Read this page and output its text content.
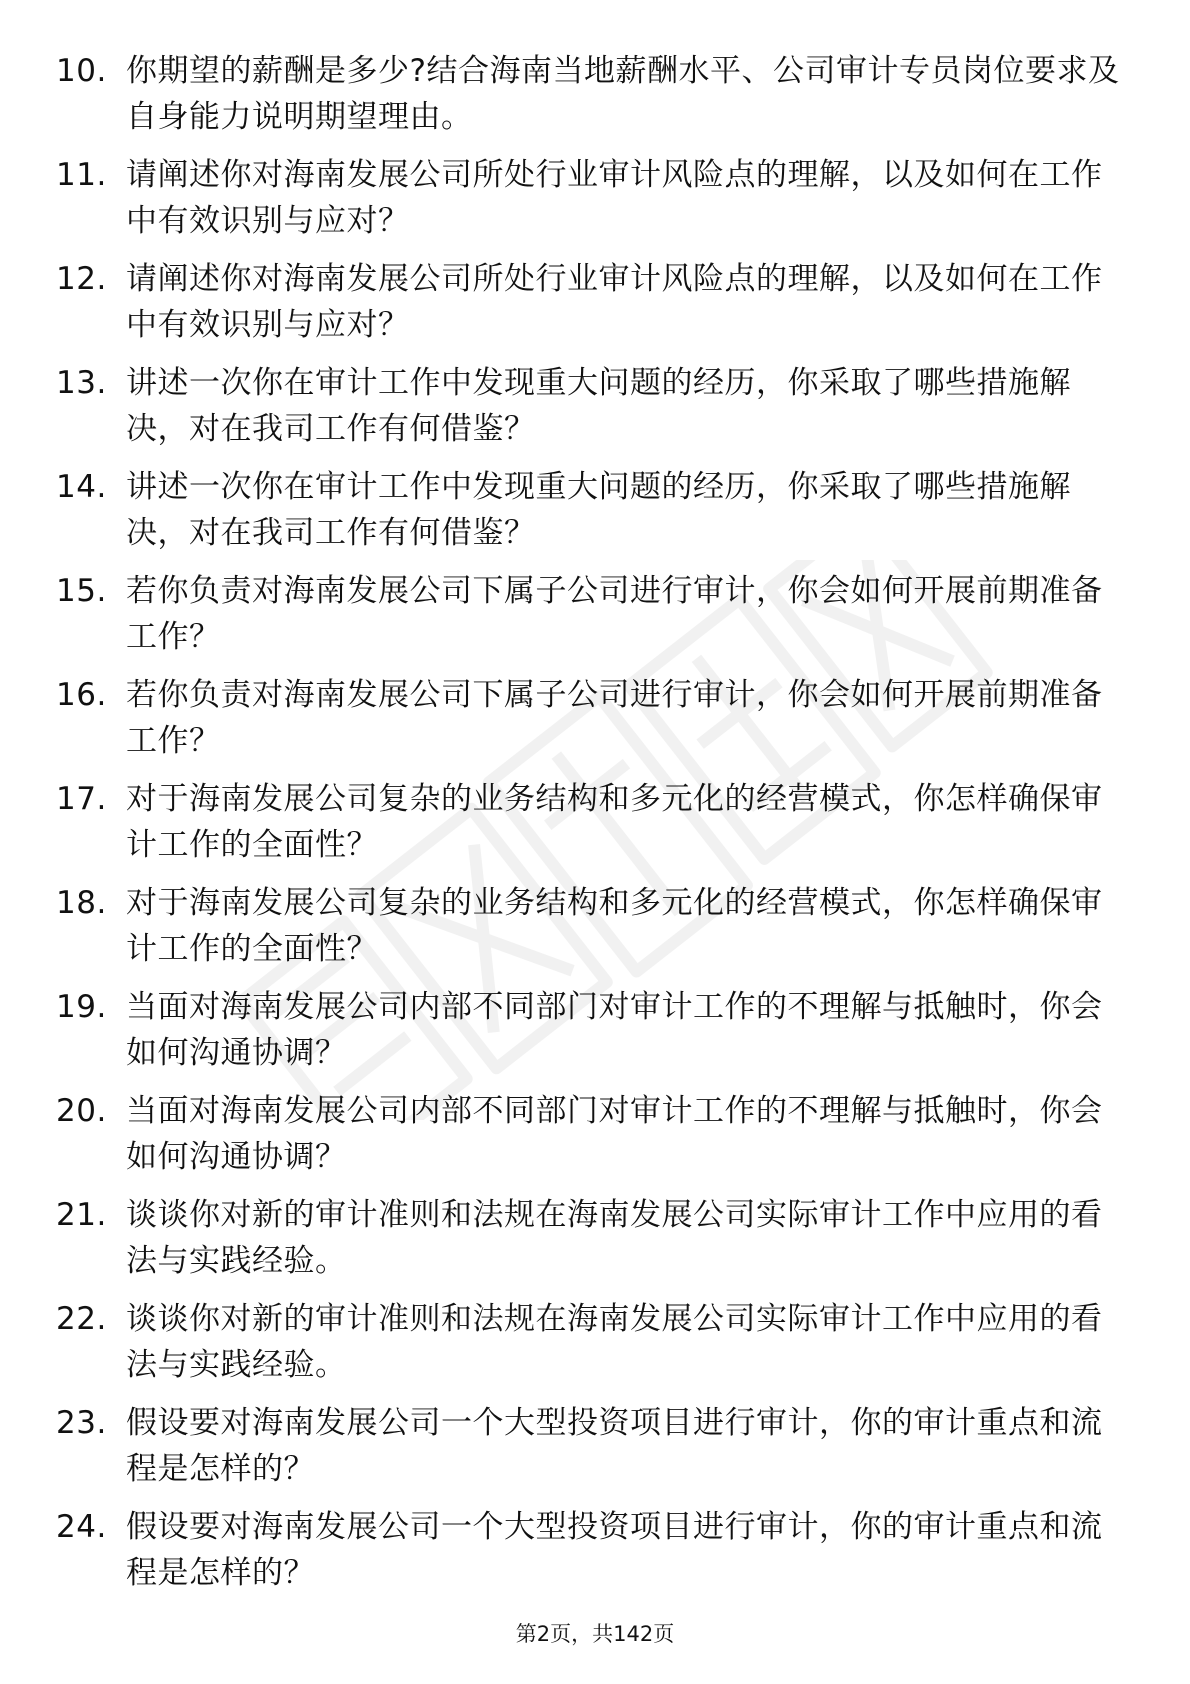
10. 你期望的薪酬是多少?结合海南当地薪酬水平、公司审计专员岗位要求及自身能力说明期望理由。
11. 请阐述你对海南发展公司所处行业审计风险点的理解，以及如何在工作中有效识别与应对？
12. 请阐述你对海南发展公司所处行业审计风险点的理解，以及如何在工作中有效识别与应对？
13. 讲述一次你在审计工作中发现重大问题的经历，你采取了哪些措施解决，对在我司工作有何借鉴？
14. 讲述一次你在审计工作中发现重大问题的经历，你采取了哪些措施解决，对在我司工作有何借鉴？
15. 若你负责对海南发展公司下属子公司进行审计，你会如何开展前期准备工作？
16. 若你负责对海南发展公司下属子公司进行审计，你会如何开展前期准备工作？
17. 对于海南发展公司复杂的业务结构和多元化的经营模式，你怎样确保审计工作的全面性？
18. 对于海南发展公司复杂的业务结构和多元化的经营模式，你怎样确保审计工作的全面性？
19. 当面对海南发展公司内部不同部门对审计工作的不理解与抵触时，你会如何沟通协调？
20. 当面对海南发展公司内部不同部门对审计工作的不理解与抵触时，你会如何沟通协调？
21. 谈谈你对新的审计准则和法规在海南发展公司实际审计工作中应用的看法与实践经验。
22. 谈谈你对新的审计准则和法规在海南发展公司实际审计工作中应用的看法与实践经验。
23. 假设要对海南发展公司一个大型投资项目进行审计，你的审计重点和流程是怎样的？
24. 假设要对海南发展公司一个大型投资项目进行审计，你的审计重点和流程是怎样的？
第2页，共142页
